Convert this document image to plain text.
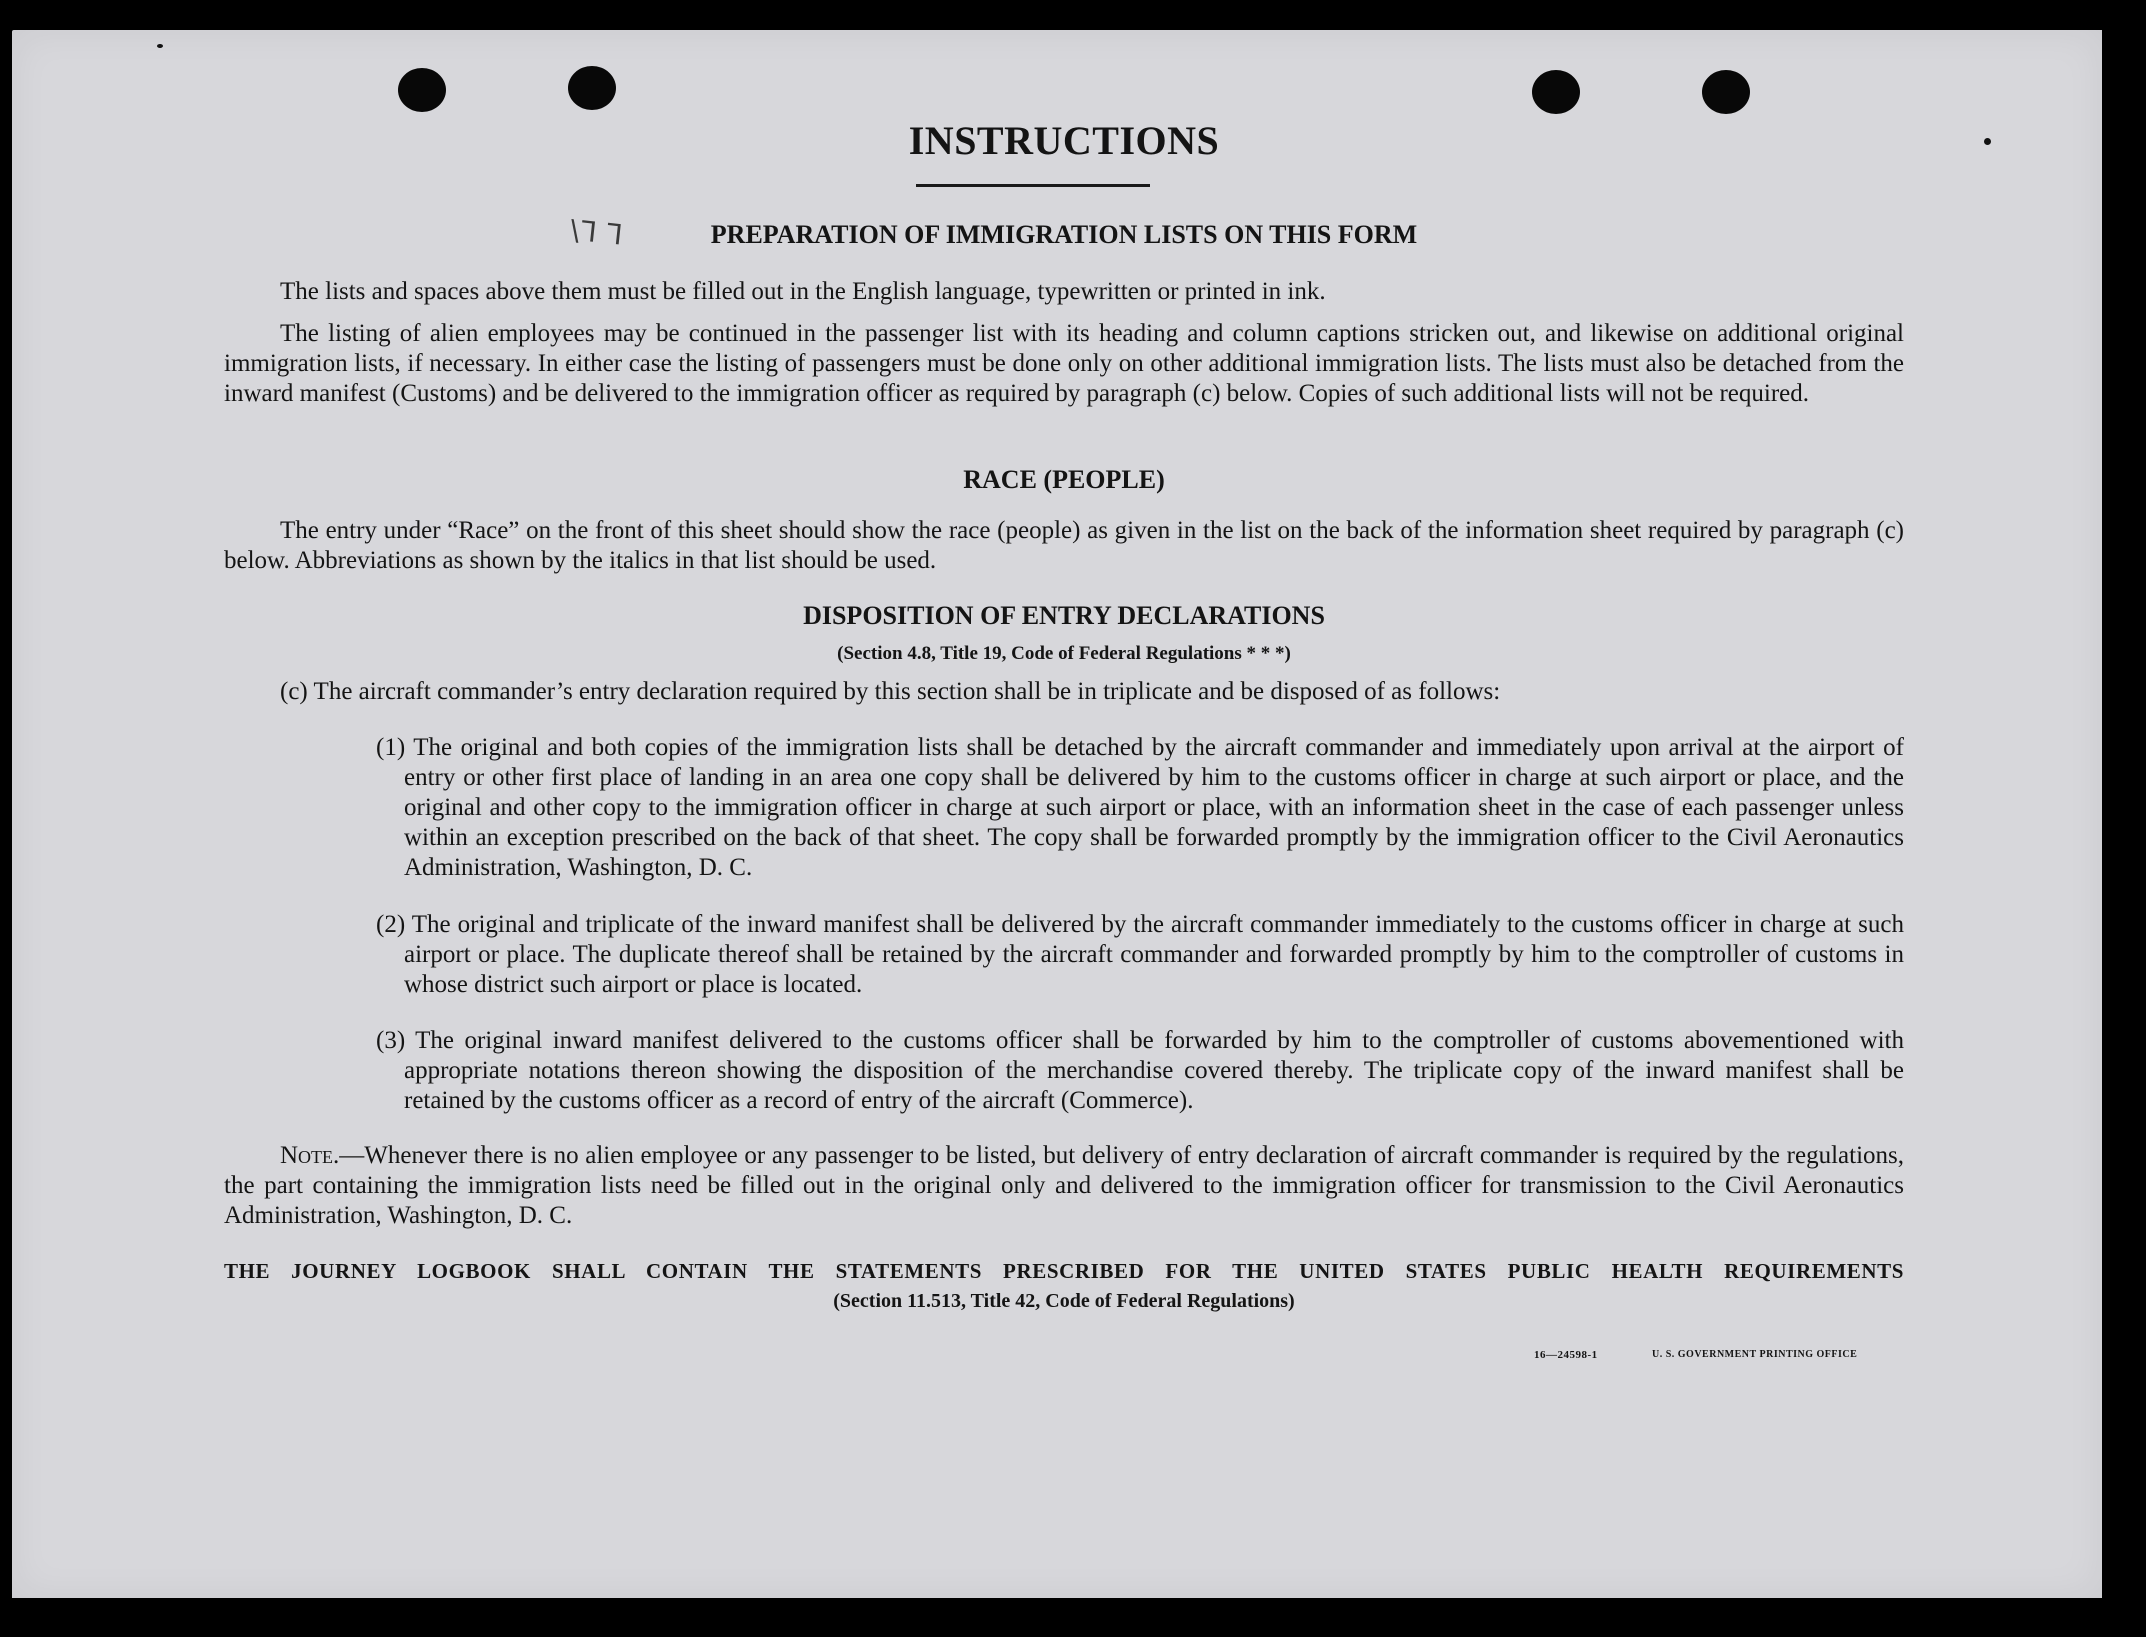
INSTRUCTIONS
\ᒣ ᒣ	PREPARATION OF IMMIGRATION LISTS ON THIS FORM

The lists and spaces above them must be filled out in the English language, typewritten or printed in ink.

The listing of alien employees may be continued in the passenger list with its heading and column captions stricken out, and likewise on additional original immigration lists, if necessary. In either case the listing of passengers must be done only on other additional immigration lists. The lists must also be detached from the inward manifest (Customs) and be delivered to the immigration officer as required by paragraph (c) below. Copies of such additional lists will not be required.

RACE (PEOPLE)

The entry under “Race” on the front of this sheet should show the race (people) as given in the list on the back of the information sheet required by paragraph (c) below. Abbreviations as shown by the italics in that list should be used.

DISPOSITION OF ENTRY DECLARATIONS
(Section 4.8, Title 19, Code of Federal Regulations * * *)

(c) The aircraft commander’s entry declaration required by this section shall be in triplicate and be disposed of as follows:

(1) The original and both copies of the immigration lists shall be detached by the aircraft commander and immediately upon arrival at the airport of entry or other first place of landing in an area one copy shall be delivered by him to the customs officer in charge at such airport or place, and the original and other copy to the immigration officer in charge at such airport or place, with an information sheet in the case of each passenger unless within an exception prescribed on the back of that sheet. The copy shall be forwarded promptly by the immigration officer to the Civil Aeronautics Administration, Washington, D. C.

(2) The original and triplicate of the inward manifest shall be delivered by the aircraft commander immediately to the customs officer in charge at such airport or place. The duplicate thereof shall be retained by the aircraft commander and forwarded promptly by him to the comptroller of customs in whose district such airport or place is located.

(3) The original inward manifest delivered to the customs officer shall be forwarded by him to the comptroller of customs abovementioned with appropriate notations thereon showing the disposition of the merchandise covered thereby. The triplicate copy of the inward manifest shall be retained by the customs officer as a record of entry of the aircraft (Commerce).

Note.—Whenever there is no alien employee or any passenger to be listed, but delivery of entry declaration of aircraft commander is required by the regulations, the part containing the immigration lists need be filled out in the original only and delivered to the immigration officer for transmission to the Civil Aeronautics Administration, Washington, D. C.

THE JOURNEY LOGBOOK SHALL CONTAIN THE STATEMENTS PRESCRIBED FOR THE UNITED STATES PUBLIC HEALTH REQUIREMENTS
(Section 11.513, Title 42, Code of Federal Regulations)
16—24598-1	U. S. GOVERNMENT PRINTING OFFICE
